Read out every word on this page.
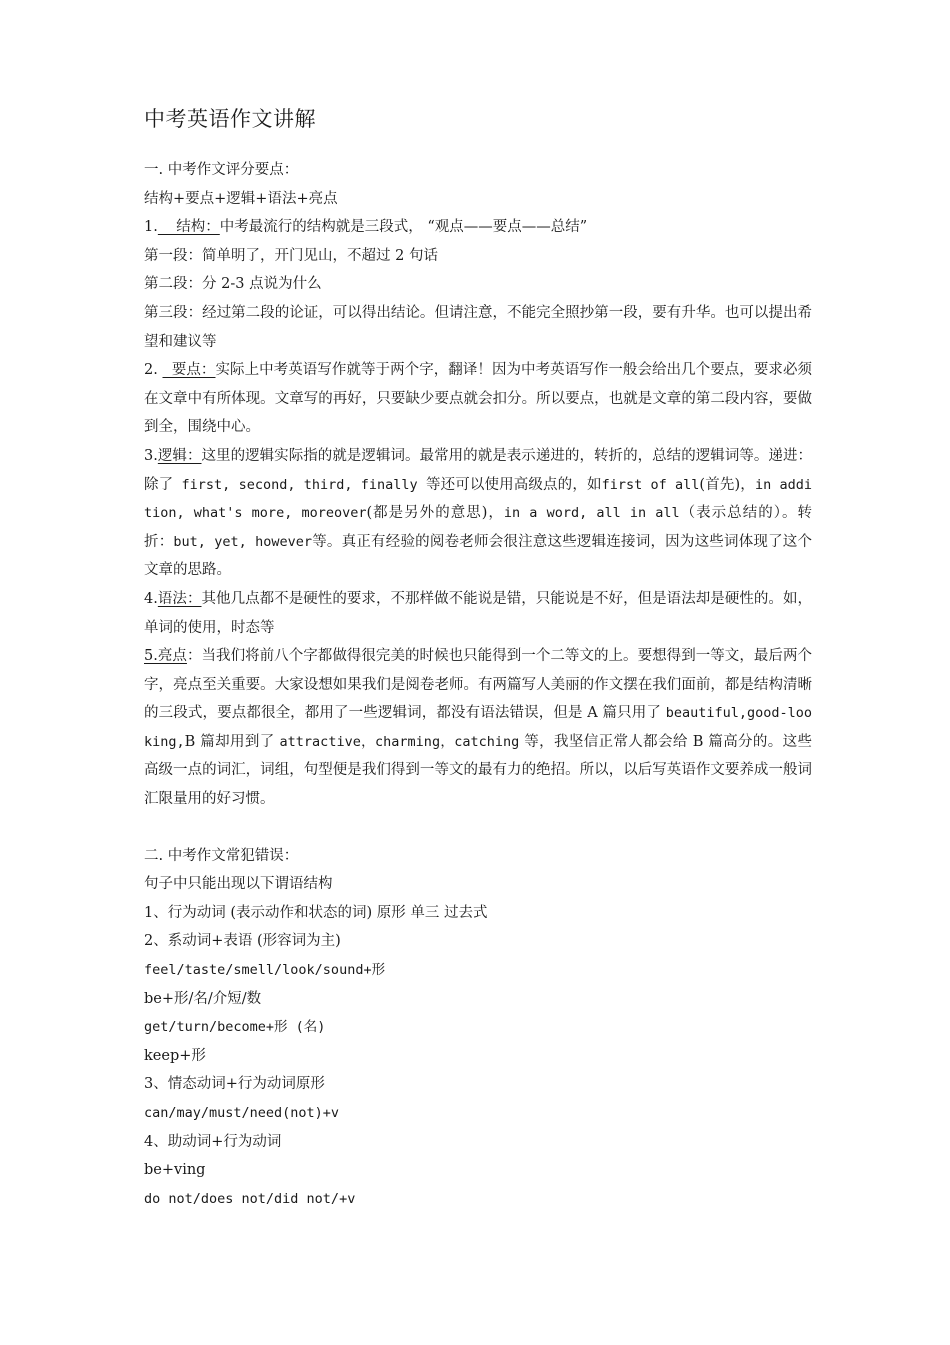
中考英语作文讲解

一. 中考作文评分要点：

结构+要点+逻辑+语法+亮点

1.    结构：中考最流行的结构就是三段式， “观点——要点——总结”

第一段：简单明了，开门见山，不超过 2 句话

第二段：分 2-3 点说为什么

第三段：经过第二段的论证，可以得出结论。但请注意，不能完全照抄第一段，要有升华。也可以提出希望和建议等

2.   要点：实际上中考英语写作就等于两个字，翻译！因为中考英语写作一般会给出几个要点，要求必须在文章中有所体现。文章写的再好，只要缺少要点就会扣分。所以要点，也就是文章的第二段内容，要做到全，围绕中心。

3.逻辑：这里的逻辑实际指的就是逻辑词。最常用的就是表示递进的，转折的，总结的逻辑词等。递进：除了 first, second, third, finally 等还可以使用高级点的，如first of all(首先)，in addition, what's more, moreover(都是另外的意思)，in a word, all in all（表示总结的）。转折：but, yet, however等。真正有经验的阅卷老师会很注意这些逻辑连接词，因为这些词体现了这个文章的思路。

4.语法：其他几点都不是硬性的要求，不那样做不能说是错，只能说是不好，但是语法却是硬性的。如，单词的使用，时态等

5.亮点：当我们将前八个字都做得很完美的时候也只能得到一个二等文的上。要想得到一等文，最后两个字，亮点至关重要。大家设想如果我们是阅卷老师。有两篇写人美丽的作文摆在我们面前，都是结构清晰的三段式，要点都很全，都用了一些逻辑词，都没有语法错误，但是 A 篇只用了 beautiful,good-looking,B 篇却用到了 attractive，charming，catching 等，我坚信正常人都会给 B 篇高分的。这些高级一点的词汇，词组，句型便是我们得到一等文的最有力的绝招。所以，以后写英语作文要养成一般词汇限量用的好习惯。

二. 中考作文常犯错误：

句子中只能出现以下谓语结构

1、行为动词 (表示动作和状态的词) 原形 单三 过去式

2、系动词+表语 (形容词为主)

feel/taste/smell/look/sound+形

be+形/名/介短/数

get/turn/become+形 (名)

keep+形

3、情态动词+行为动词原形

can/may/must/need(not)+v

4、助动词+行为动词

be+ving

do not/does not/did not/+v
